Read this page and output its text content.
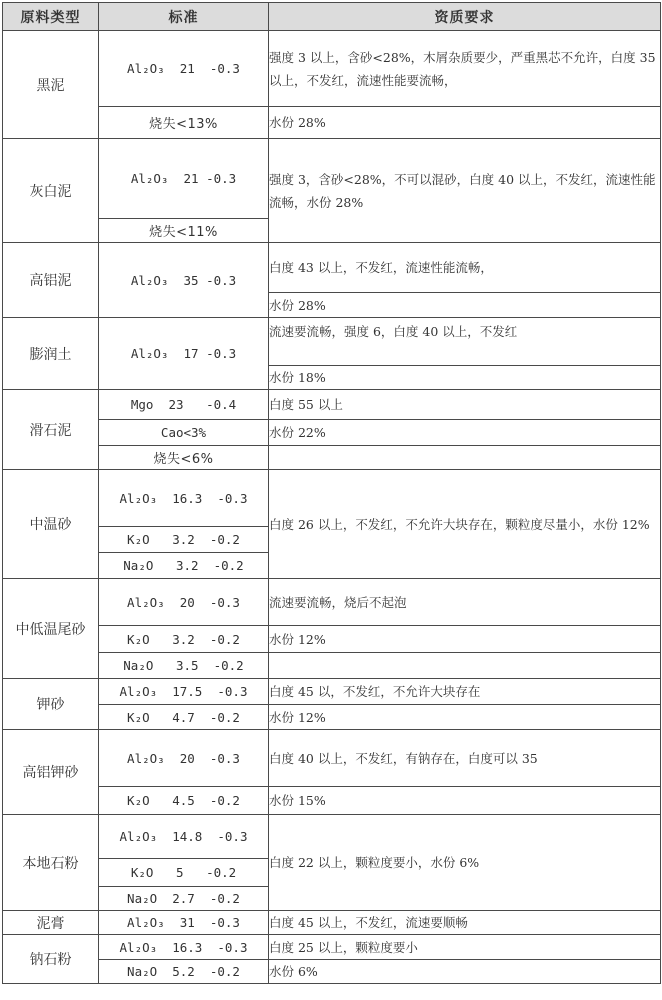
原料类型	标准	资质要求
黑泥	Al₂O₃  21  -0.3	强度 3 以上，含砂<28%，木屑杂质要少，严重黑芯不允许，白度 35 以上，不发红，流速性能要流畅，
	烧失<13%	水份 28%
灰白泥	Al₂O₃  21 -0.3	强度 3，含砂<28%，不可以混砂，白度 40 以上，不发红，流速性能流畅，水份 28%
	烧失<11%	
高铝泥	Al₂O₃  35 -0.3	白度 43 以上，不发红，流速性能流畅，
		水份 28%
膨润土	Al₂O₃  17 -0.3	流速要流畅，强度 6，白度 40 以上，不发红
		水份 18%
滑石泥	Mgo  23   -0.4	白度 55 以上
	Cao<3%	水份 22%
	烧失<6%	
中温砂	Al₂O₃  16.3  -0.3	白度 26 以上，不发红，不允许大块存在，颗粒度尽量小，水份 12%
	K₂O   3.2  -0.2	
	Na₂O   3.2  -0.2	
中低温尾砂	Al₂O₃  20  -0.3	流速要流畅，烧后不起泡
	K₂O   3.2  -0.2	水份 12%
	Na₂O   3.5  -0.2	
钾砂	Al₂O₃  17.5  -0.3	白度 45 以，不发红，不允许大块存在
	K₂O   4.7  -0.2	水份 12%
高铝钾砂	Al₂O₃  20  -0.3	白度 40 以上，不发红，有钠存在，白度可以 35
	K₂O   4.5  -0.2	水份 15%
本地石粉	Al₂O₃  14.8  -0.3	白度 22 以上，颗粒度要小，水份 6%
	K₂O   5   -0.2	
	Na₂O  2.7  -0.2	
泥膏	Al₂O₃  31  -0.3	白度 45 以上，不发红，流速要顺畅
钠石粉	Al₂O₃  16.3  -0.3	白度 25 以上，颗粒度要小
	Na₂O  5.2  -0.2	水份 6%
